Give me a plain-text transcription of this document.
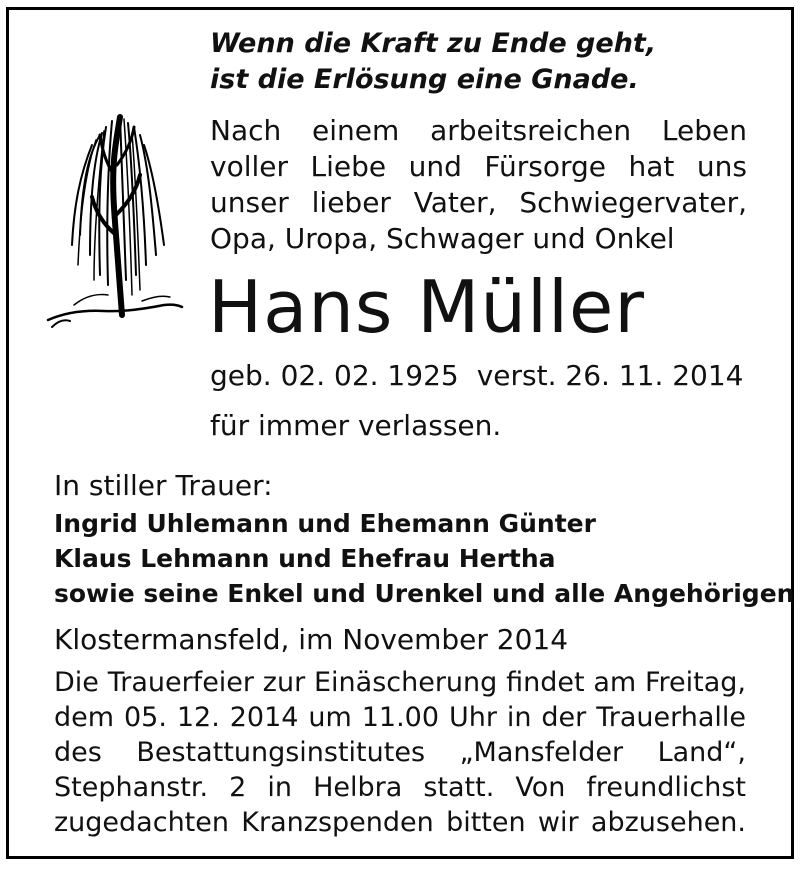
Wenn die Kraft zu Ende geht,
ist die Erlösung eine Gnade.

Nach einem arbeitsreichen Leben voller Liebe und Fürsorge hat uns unser lieber Vater, Schwiegervater, Opa, Uropa, Schwager und Onkel

Hans Müller
geb. 02. 02. 1925 verst. 26. 11. 2014
für immer verlassen.
In stiller Trauer:
Ingrid Uhlemann und Ehemann Günter
Klaus Lehmann und Ehefrau Hertha
sowie seine Enkel und Urenkel und alle Angehörigen
Klostermansfeld, im November 2014

Die Trauerfeier zur Einäscherung findet am Freitag, dem 05. 12. 2014 um 11.00 Uhr in der Trauerhalle des Bestattungsinstitutes „Mansfelder Land“, Stephanstr. 2 in Helbra statt. Von freundlichst zugedachten Kranzspenden bitten wir abzusehen.
